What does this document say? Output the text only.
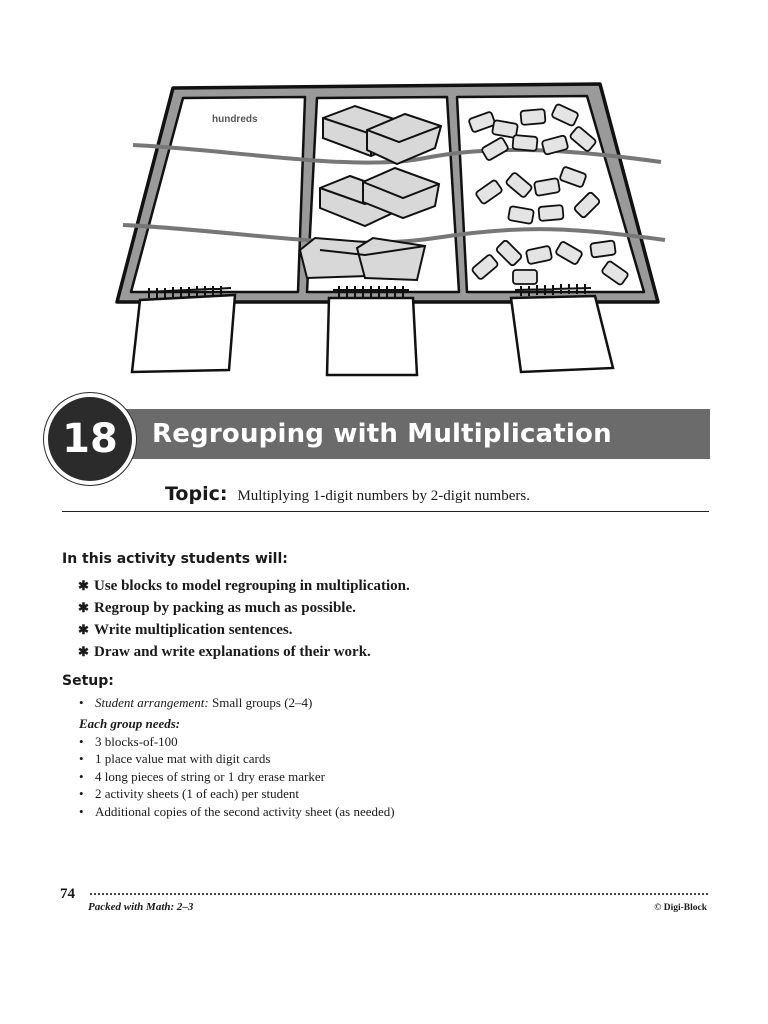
hundreds
18	Regrouping with Multiplication
Topic: Multiplying 1-digit numbers by 2-digit numbers.
In this activity students will:
✱ Use blocks to model regrouping in multiplication.
✱ Regroup by packing as much as possible.
✱ Write multiplication sentences.
✱ Draw and write explanations of their work.
Setup:
• Student arrangement: Small groups (2–4)
Each group needs:
• 3 blocks-of-100
• 1 place value mat with digit cards
• 4 long pieces of string or 1 dry erase marker
• 2 activity sheets (1 of each) per student
• Additional copies of the second activity sheet (as needed)
74
Packed with Math: 2–3	© Digi-Block
